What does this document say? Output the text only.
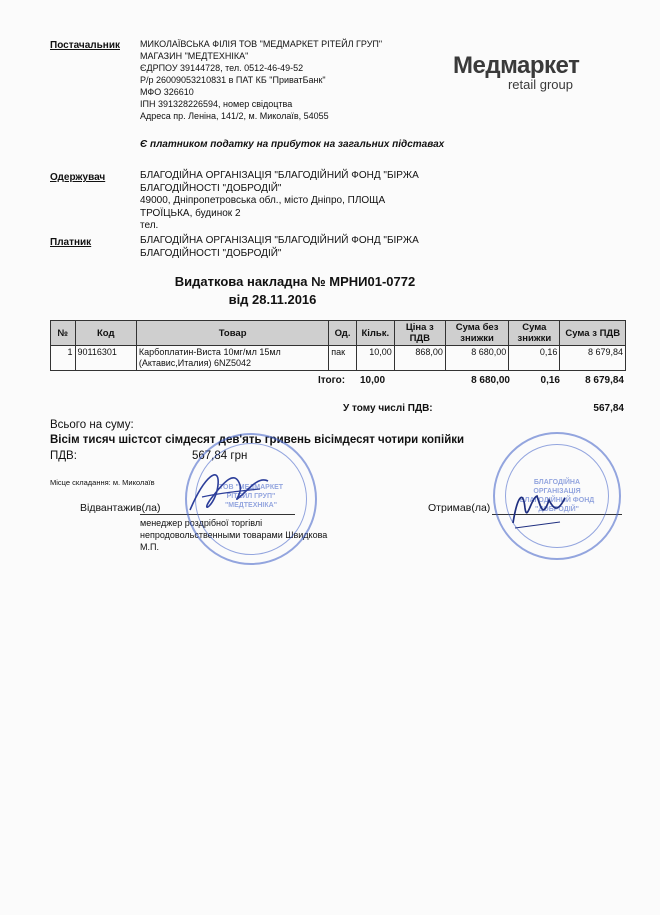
Постачальник МИКОЛАЇВСЬКА ФІЛІЯ ТОВ "МЕДМАРКЕТ РІТЕЙЛ ГРУП"
МАГАЗИН "МЕДТЕХНІКА"
ЄДРПОУ 39144728, тел. 0512-46-49-52
Р/р 26009053210831 в ПАТ КБ "ПриватБанк"
МФО 326610
ІПН 391328226594, номер свідоцтва
Адреса пр. Леніна, 141/2, м. Миколаїв, 54055
Є платником податку на прибуток на загальних підставах
Медмаркет
retail group
Одержувач	БЛАГОДІЙНА ОРГАНІЗАЦІЯ "БЛАГОДІЙНИЙ ФОНД "БІРЖА
БЛАГОДІЙНОСТІ "ДОБРОДІЙ"
49000, Дніпропетровська обл., місто Дніпро, ПЛОЩА
ТРОЇЦЬКА, будинок 2
тел.
Платник	БЛАГОДІЙНА ОРГАНІЗАЦІЯ "БЛАГОДІЙНИЙ ФОНД "БІРЖА
БЛАГОДІЙНОСТІ "ДОБРОДІЙ"
Видаткова накладна № МРНИ01-0772
від 28.11.2016
№	Код	Товар	Од.	Кільк.	Ціна з ПДВ	Сума без знижки	Сума знижки	Сума з ПДВ
1	90116301	Карбоплатин-Виста 10мг/мл 15мл (Актавис,Италия) 6NZ5042	пак	10,00	868,00	8 680,00	0,16	8 679,84
Ітого: 10,00	8 680,00	0,16	8 679,84
У тому числі ПДВ:	567,84
Всього на суму:
Вісім тисяч шістсот сімдесят дев'ять гривень вісімдесят чотири копійки
ПДВ:	567,84 грн
Місце складання: м. Миколаїв
Відвантажив(ла)
менеджер роздрібної торгівлі
непродовольственными товарами Швидкова
М.П.
Отримав(ла)
ТОВ "МЕДМАРКЕТ РІТЕЙЛ ГРУП" "МЕДТЕХНІКА"
БЛАГОДІЙНА ОРГАНІЗАЦІЯ БЛАГОДІЙНИЙ ФОНД "ДОБРОДІЙ"
